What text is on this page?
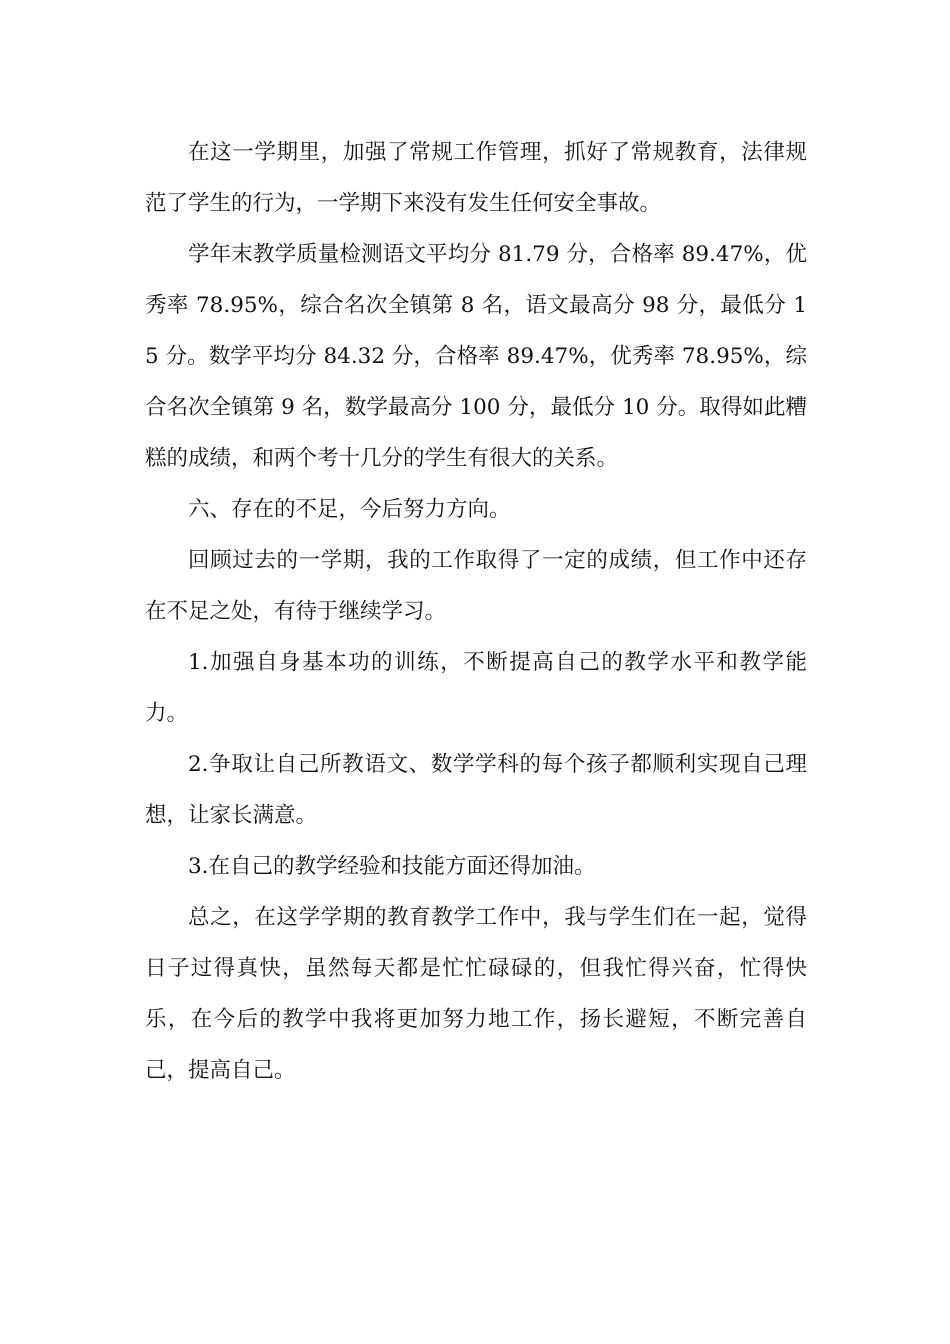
在这一学期里，加强了常规工作管理，抓好了常规教育，法律规范了学生的行为，一学期下来没有发生任何安全事故。

学年末教学质量检测语文平均分 81.79 分，合格率 89.47%，优秀率 78.95%，综合名次全镇第 8 名，语文最高分 98 分，最低分 15 分。数学平均分 84.32 分，合格率 89.47%，优秀率 78.95%，综合名次全镇第 9 名，数学最高分 100 分，最低分 10 分。取得如此糟糕的成绩，和两个考十几分的学生有很大的关系。

六、存在的不足，今后努力方向。

回顾过去的一学期，我的工作取得了一定的成绩，但工作中还存在不足之处，有待于继续学习。

1.加强自身基本功的训练，不断提高自己的教学水平和教学能力。

2.争取让自己所教语文、数学学科的每个孩子都顺利实现自己理想，让家长满意。

3.在自己的教学经验和技能方面还得加油。

总之，在这学学期的教育教学工作中，我与学生们在一起，觉得日子过得真快，虽然每天都是忙忙碌碌的，但我忙得兴奋，忙得快乐，在今后的教学中我将更加努力地工作，扬长避短，不断完善自己，提高自己。
